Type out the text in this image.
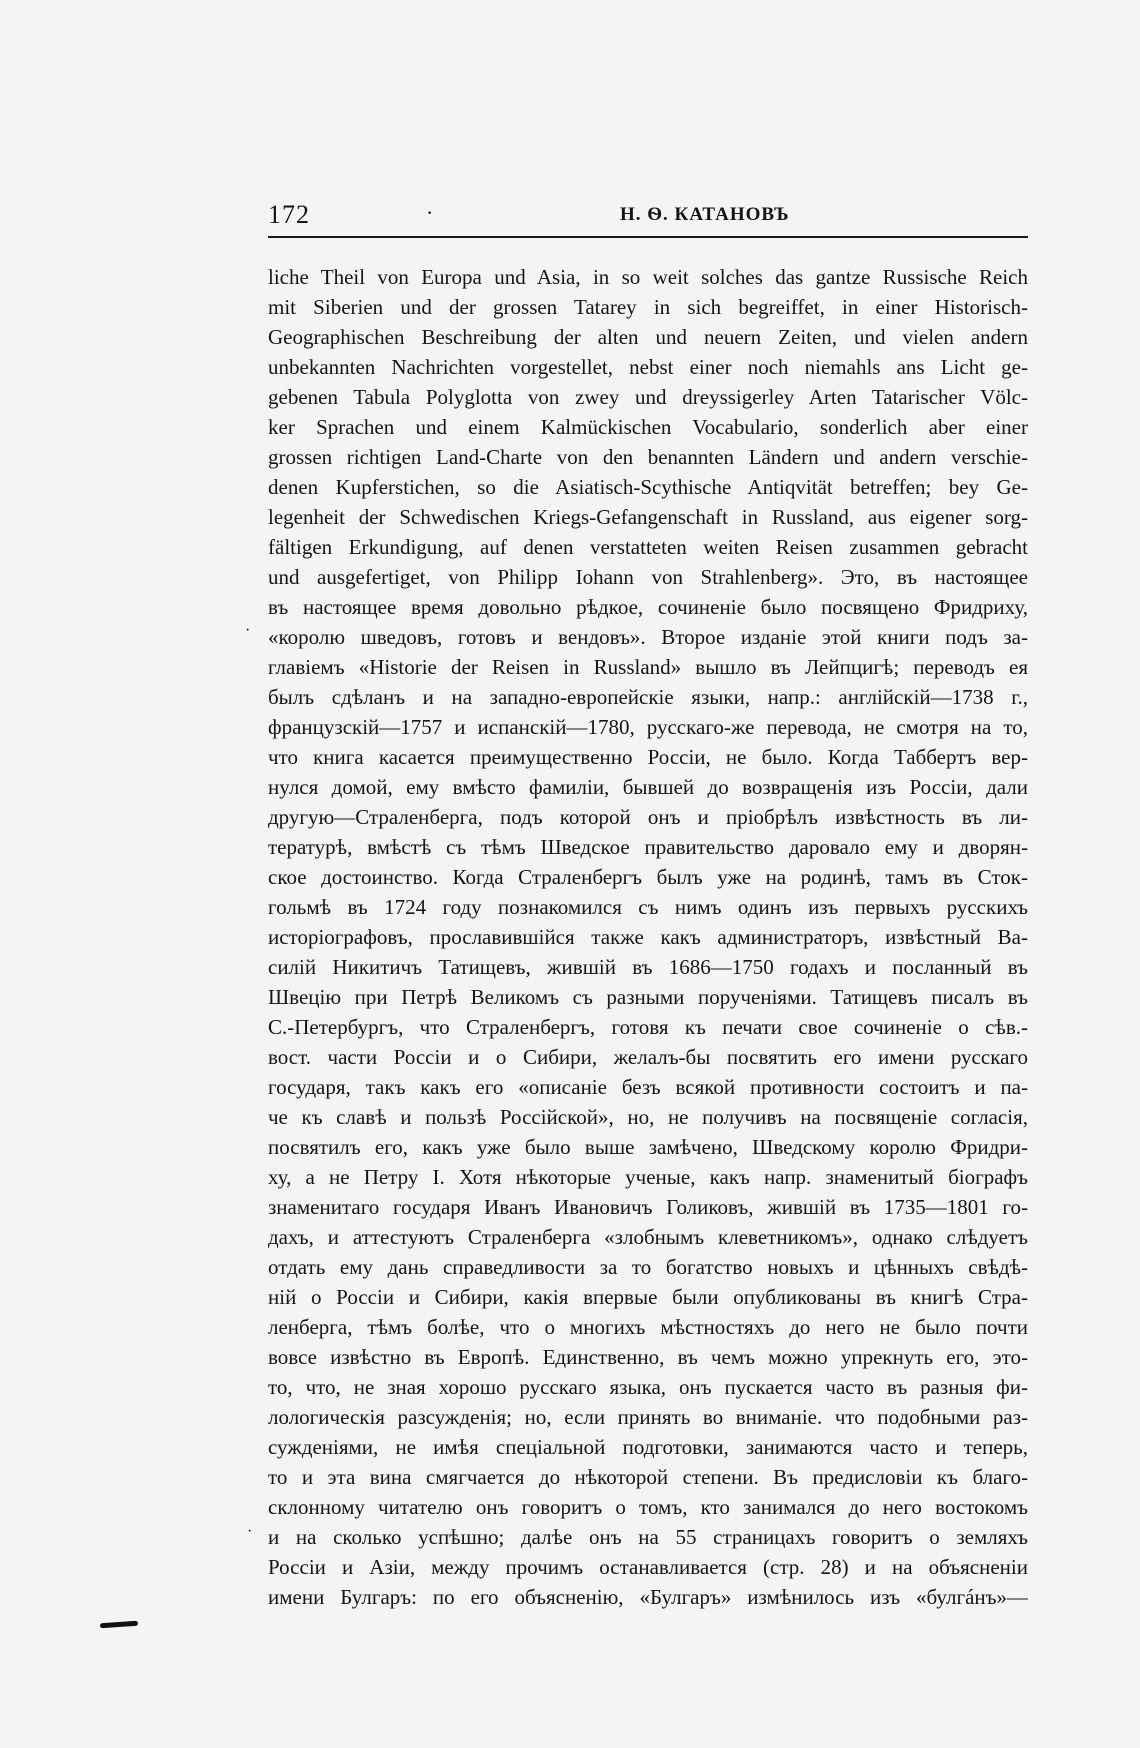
172	·	Н. Ѳ. КАТАНОВЪ
liche Theil von Europa und Asia, in so weit solches das gantze Russische Reich
mit Siberien und der grossen Tatarey in sich begreiffet, in einer Historisch-
Geographischen Beschreibung der alten und neuern Zeiten, und vielen andern
unbekannten Nachrichten vorgestellet, nebst einer noch niemahls ans Licht ge-
gebenen Tabula Polyglotta von zwey und dreyssigerley Arten Tatarischer Völc-
ker Sprachen und einem Kalmückischen Vocabulario, sonderlich aber einer
grossen richtigen Land-Charte von den benannten Ländern und andern verschie-
denen Kupferstichen, so die Asiatisch-Scythische Antiqvität betreffen; bey Ge-
legenheit der Schwedischen Kriegs-Gefangenschaft in Russland, aus eigener sorg-
fältigen Erkundigung, auf denen verstatteten weiten Reisen zusammen gebracht
und ausgefertiget, von Philipp Iohann von Strahlenberg». Это, въ настоящее
въ настоящее время довольно рѣдкое, сочиненіе было посвящено Фридриху,
«королю шведовъ, готовъ и вендовъ». Второе изданіе этой книги подъ за-
главіемъ «Historie der Reisen in Russland» вышло въ Лейпцигѣ; переводъ ея
былъ сдѣланъ и на западно-европейскіе языки, напр.: англійскій—1738 г.,
французскій—1757 и испанскій—1780, русскаго-же перевода, не смотря на то,
что книга касается преимущественно Россіи, не было. Когда Таббертъ вер-
нулся домой, ему вмѣсто фамиліи, бывшей до возвращенія изъ Россіи, дали
другую—Страленберга, подъ которой онъ и пріобрѣлъ извѣстность въ ли-
тературѣ, вмѣстѣ съ тѣмъ Шведское правительство даровало ему и дворян-
ское достоинство. Когда Страленбергъ былъ уже на родинѣ, тамъ въ Сток-
гольмѣ въ 1724 году познакомился съ нимъ одинъ изъ первыхъ русскихъ
исторіографовъ, прославившійся также какъ администраторъ, извѣстный Ва-
силій Никитичъ Татищевъ, жившій въ 1686—1750 годахъ и посланный въ
Швецію при Петрѣ Великомъ съ разными порученіями. Татищевъ писалъ въ
С.-Петербургъ, что Страленбергъ, готовя къ печати свое сочиненіе о сѣв.-
вост. части Россіи и о Сибири, желалъ-бы посвятить его имени русскаго
государя, такъ какъ его «описаніе безъ всякой противности состоитъ и па-
че къ славѣ и пользѣ Россійской», но, не получивъ на посвященіе согласія,
посвятилъ его, какъ уже было выше замѣчено, Шведскому королю Фридри-
ху, а не Петру I. Хотя нѣкоторые ученые, какъ напр. знаменитый біографъ
знаменитаго государя Иванъ Ивановичъ Голиковъ, жившій въ 1735—1801 го-
дахъ, и аттестуютъ Страленберга «злобнымъ клеветникомъ», однако слѣдуетъ
отдать ему дань справедливости за то богатство новыхъ и цѣнныхъ свѣдѣ-
ній о Россіи и Сибири, какія впервые были опубликованы въ книгѣ Стра-
ленберга, тѣмъ болѣе, что о многихъ мѣстностяхъ до него не было почти
вовсе извѣстно въ Европѣ. Единственно, въ чемъ можно упрекнуть его, это-
то, что, не зная хорошо русскаго языка, онъ пускается часто въ разныя фи-
лологическія разсужденія; но, если принять во вниманіе. что подобными раз-
сужденіями, не имѣя спеціальной подготовки, занимаются часто и теперь,
то и эта вина смягчается до нѣкоторой степени. Въ предисловіи къ благо-
склонному читателю онъ говоритъ о томъ, кто занимался до него востокомъ
и на сколько успѣшно; далѣе онъ на 55 страницахъ говоритъ о земляхъ
Россіи и Азіи, между прочимъ останавливается (стр. 28) и на объясненіи
имени Булгаръ: по его объясненію, «Булгаръ» измѣнилось изъ «булгáнъ»—
·
·
